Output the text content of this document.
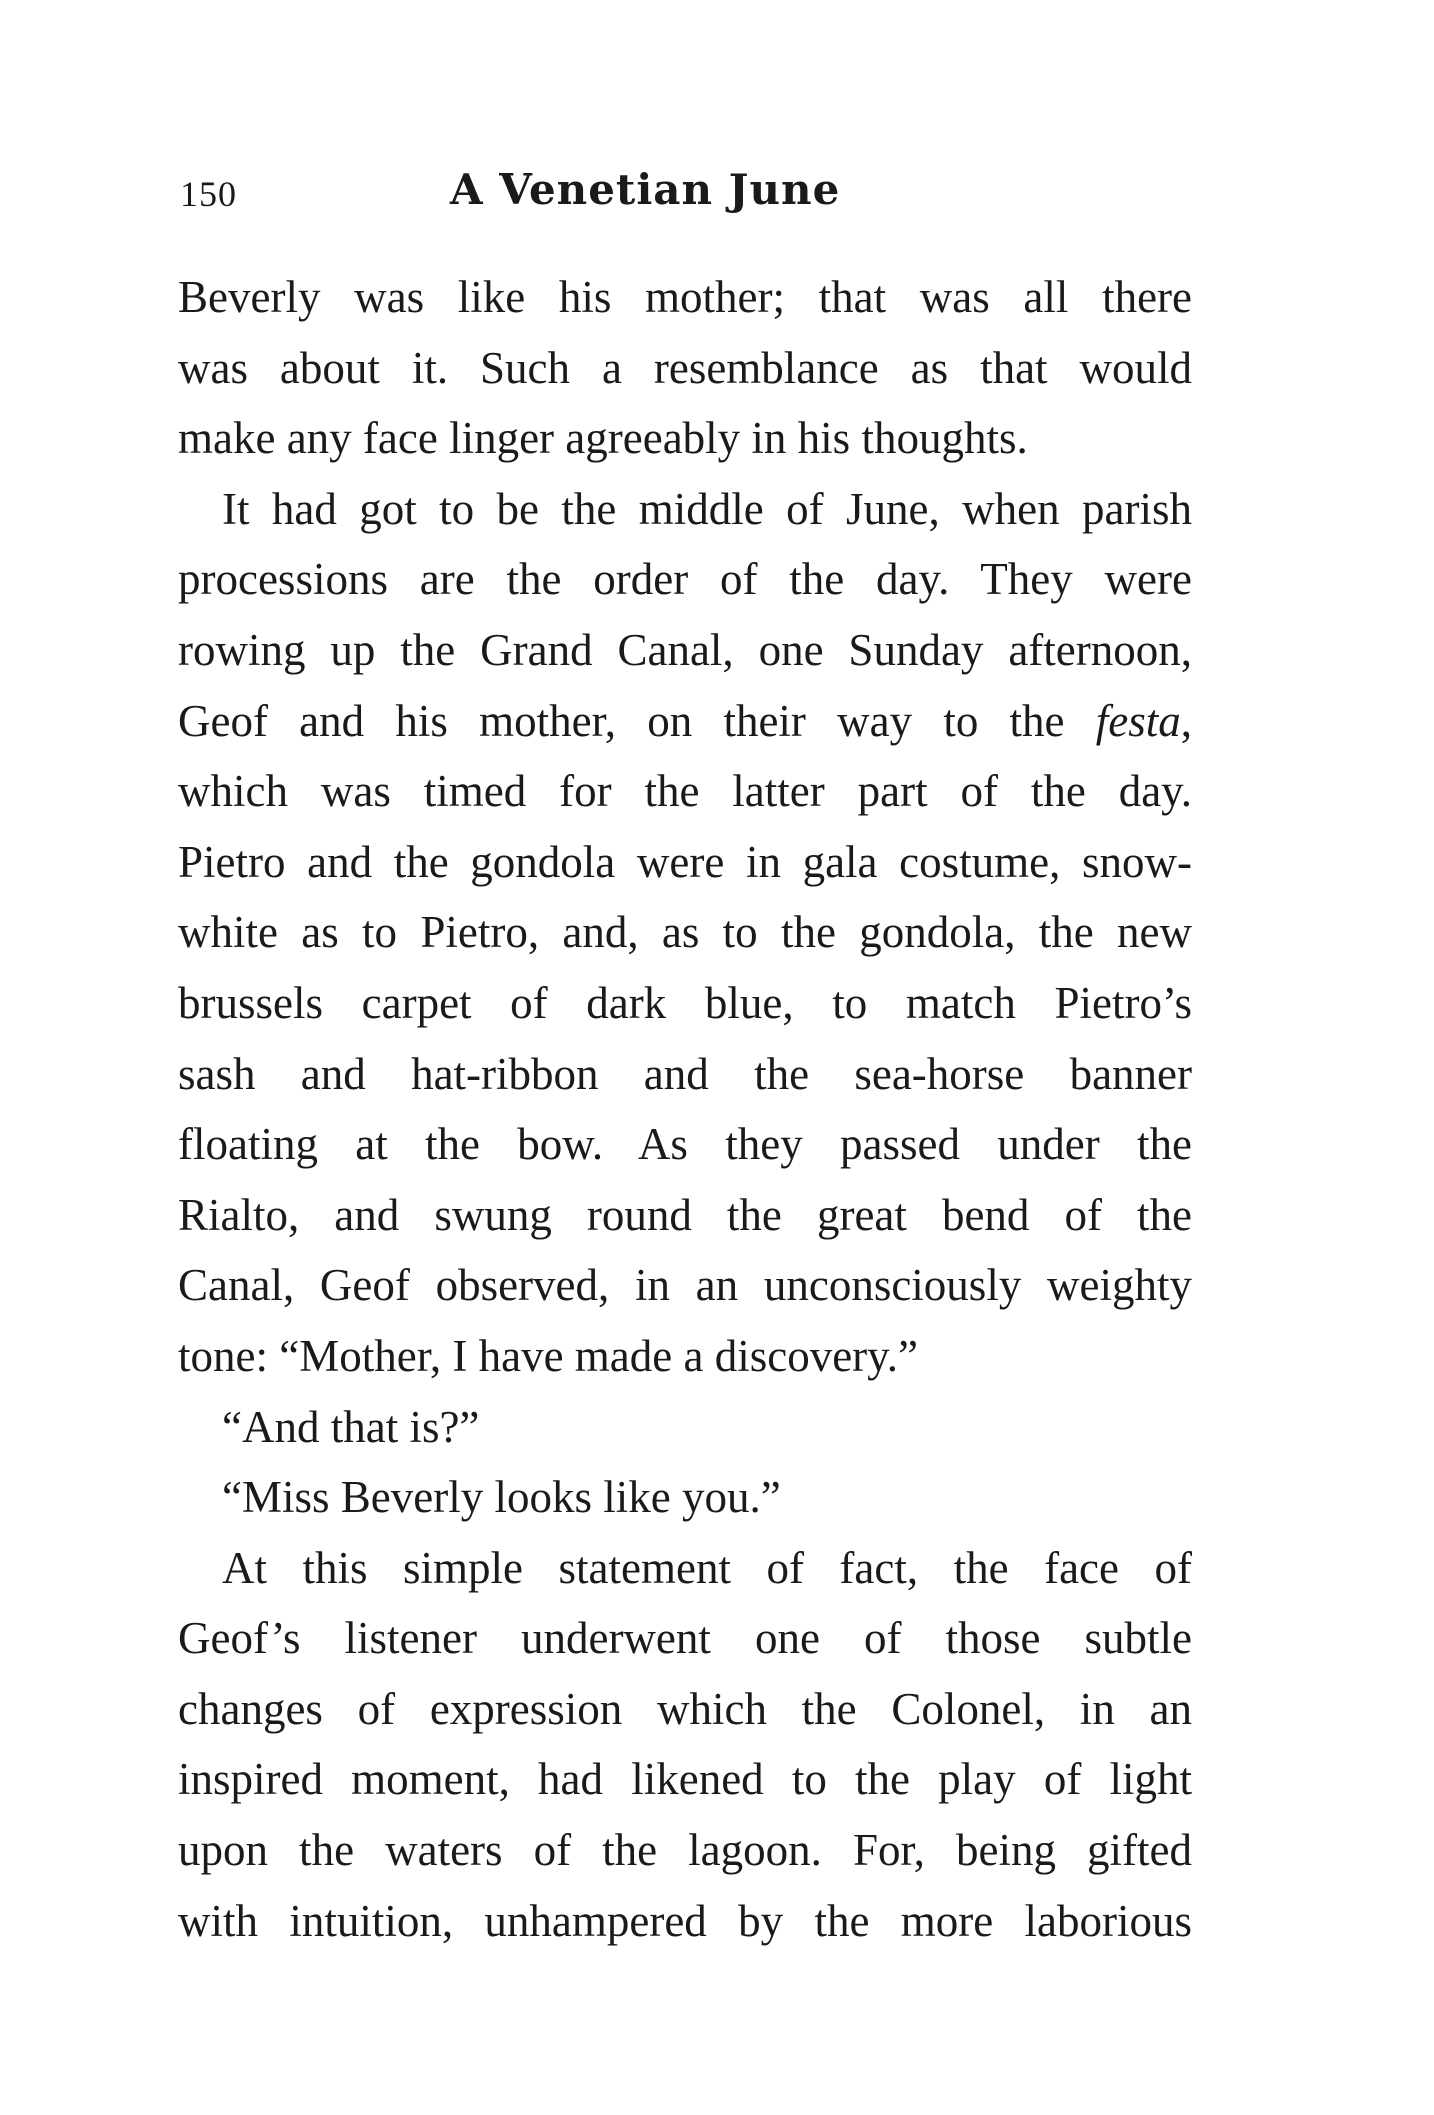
150	A Venetian June
Beverly was like his mother; that was all there
was about it. Such a resemblance as that would
make any face linger agreeably in his thoughts.
It had got to be the middle of June, when parish
processions are the order of the day. They were
rowing up the Grand Canal, one Sunday afternoon,
Geof and his mother, on their way to the festa,
which was timed for the latter part of the day.
Pietro and the gondola were in gala costume, snow-
white as to Pietro, and, as to the gondola, the new
brussels carpet of dark blue, to match Pietro’s
sash and hat-ribbon and the sea-horse banner
floating at the bow. As they passed under the
Rialto, and swung round the great bend of the
Canal, Geof observed, in an unconsciously weighty
tone: “Mother, I have made a discovery.”
“And that is?”
“Miss Beverly looks like you.”
At this simple statement of fact, the face of
Geof’s listener underwent one of those subtle
changes of expression which the Colonel, in an
inspired moment, had likened to the play of light
upon the waters of the lagoon. For, being gifted
with intuition, unhampered by the more laborious
